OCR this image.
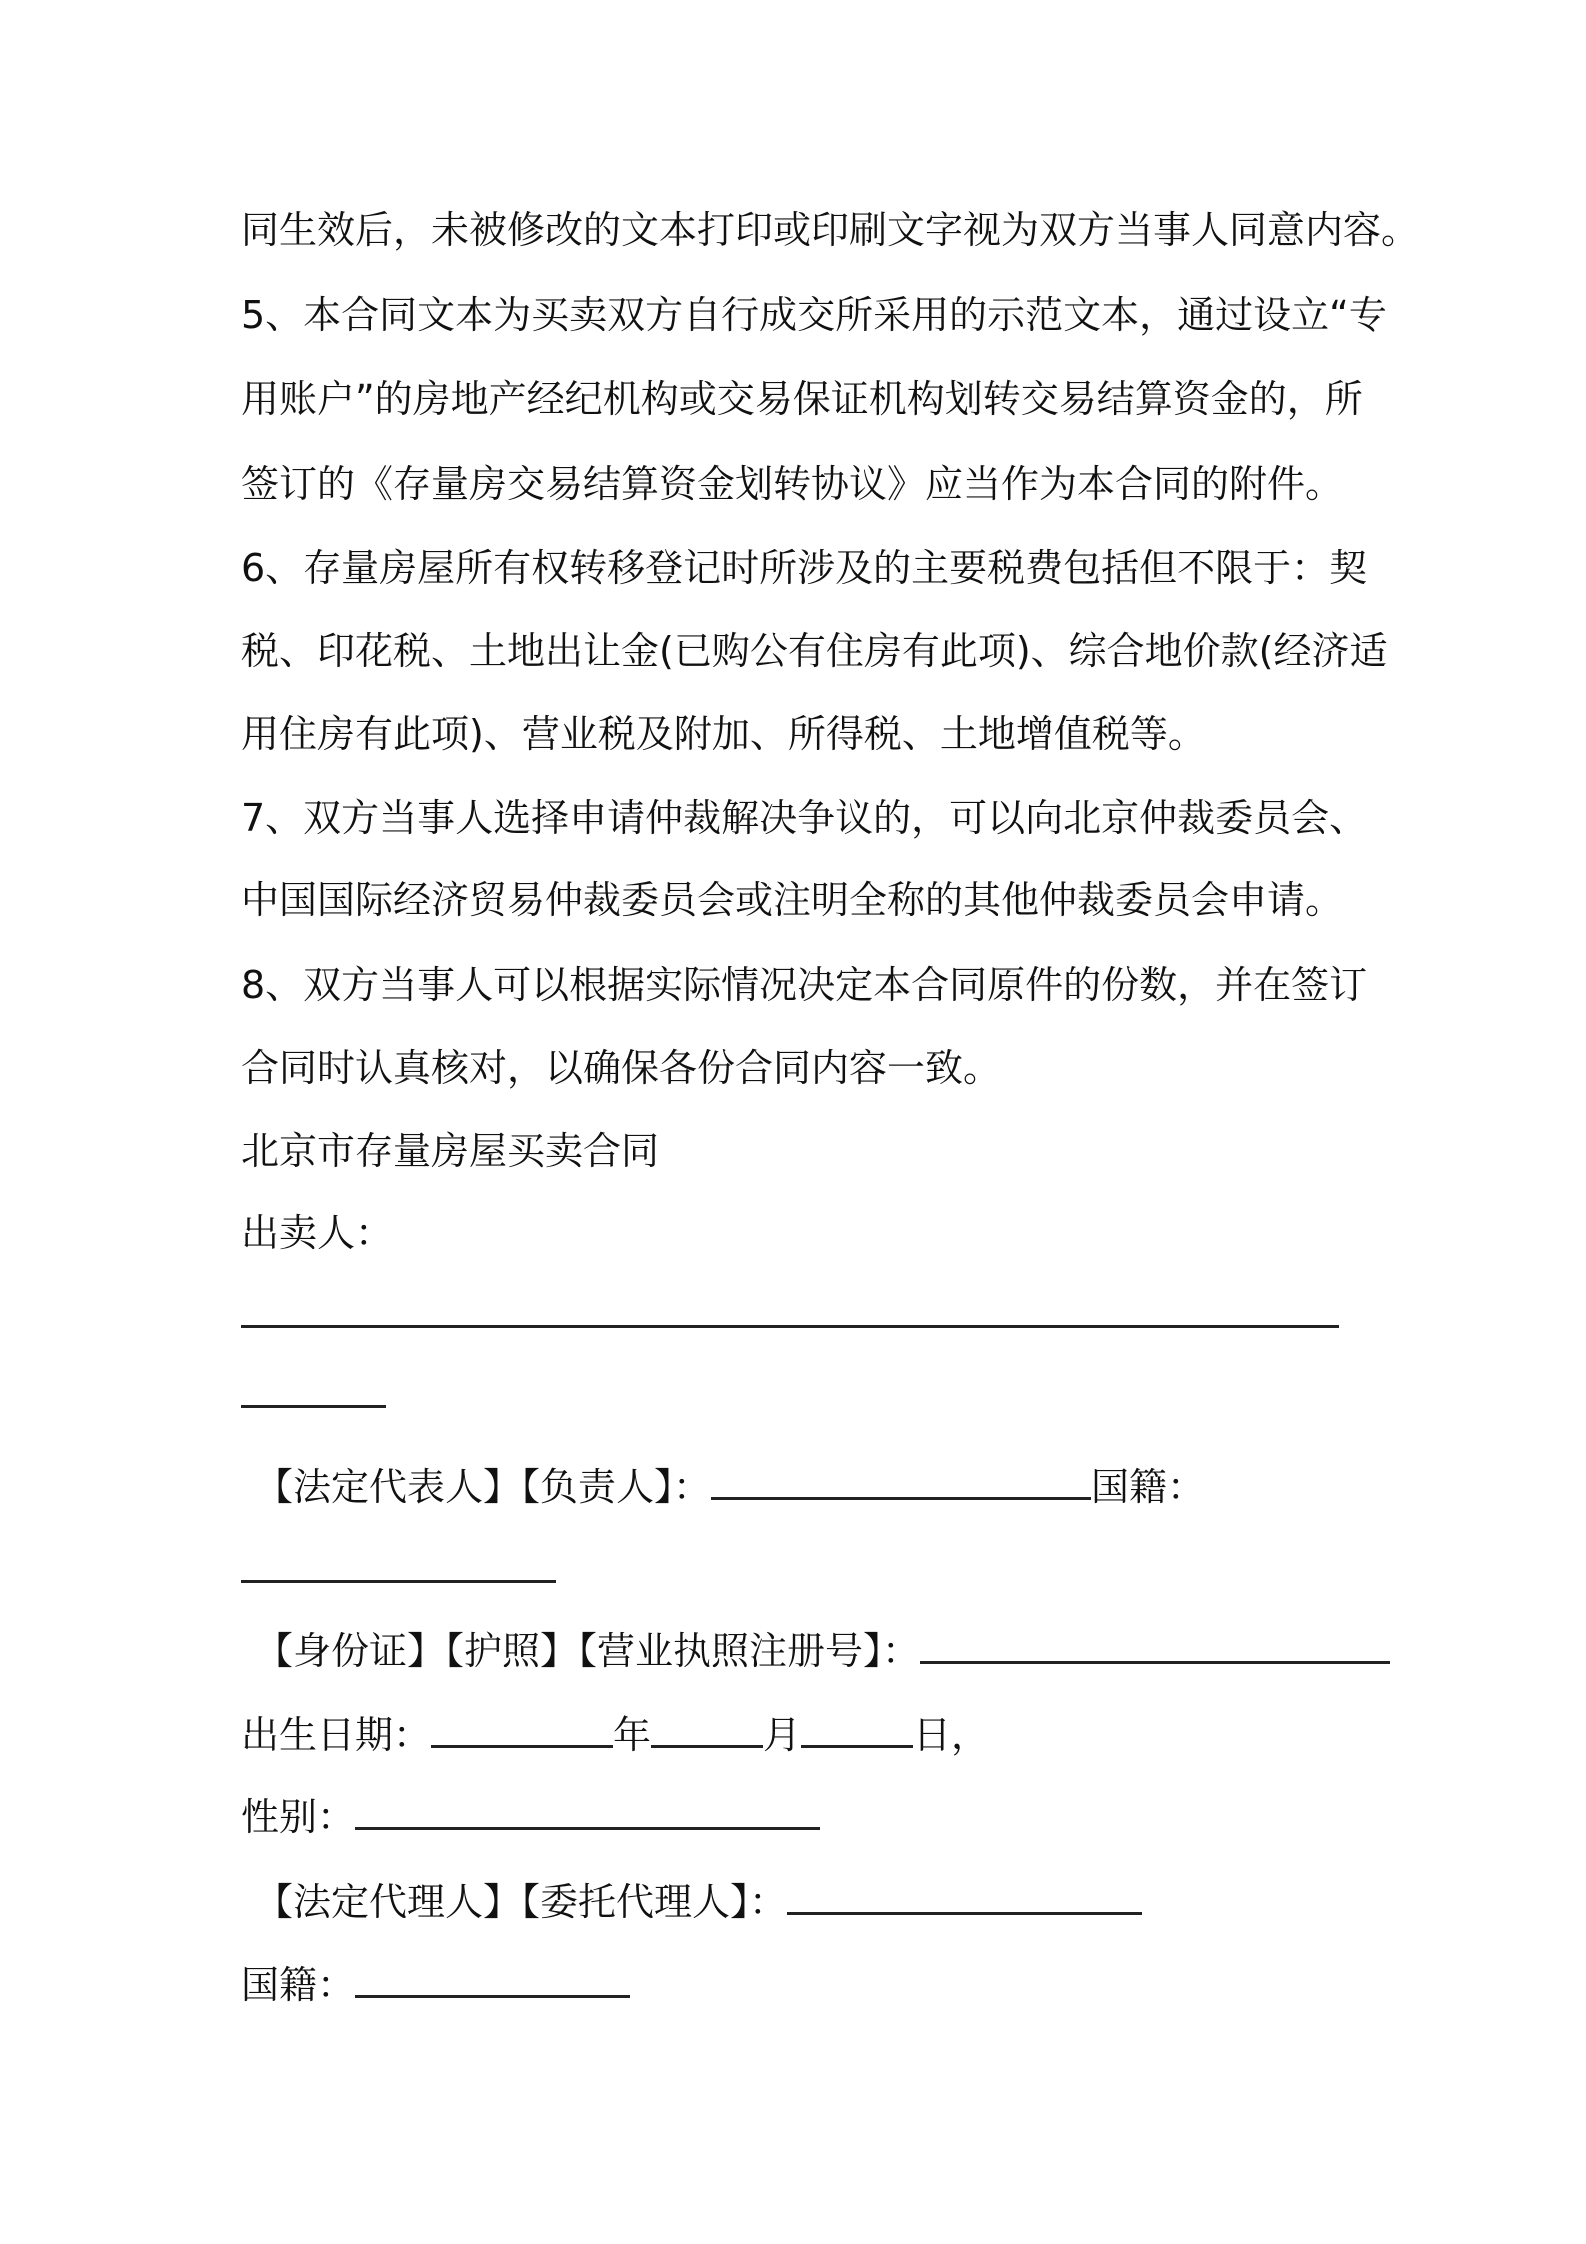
同生效后，未被修改的文本打印或印刷文字视为双方当事人同意内容。
5、本合同文本为买卖双方自行成交所采用的示范文本，通过设立“专
用账户”的房地产经纪机构或交易保证机构划转交易结算资金的，所
签订的《存量房交易结算资金划转协议》应当作为本合同的附件。
6、存量房屋所有权转移登记时所涉及的主要税费包括但不限于：契
税、印花税、土地出让金(已购公有住房有此项)、综合地价款(经济适
用住房有此项)、营业税及附加、所得税、土地增值税等。
7、双方当事人选择申请仲裁解决争议的，可以向北京仲裁委员会、
中国国际经济贸易仲裁委员会或注明全称的其他仲裁委员会申请。
8、双方当事人可以根据实际情况决定本合同原件的份数，并在签订
合同时认真核对，以确保各份合同内容一致。
北京市存量房屋买卖合同
出卖人：
【法定代表人】【负责人】：	国籍：
【身份证】【护照】【营业执照注册号】：
出生日期：	年	月	日，
性别：
【法定代理人】【委托代理人】：
国籍：
